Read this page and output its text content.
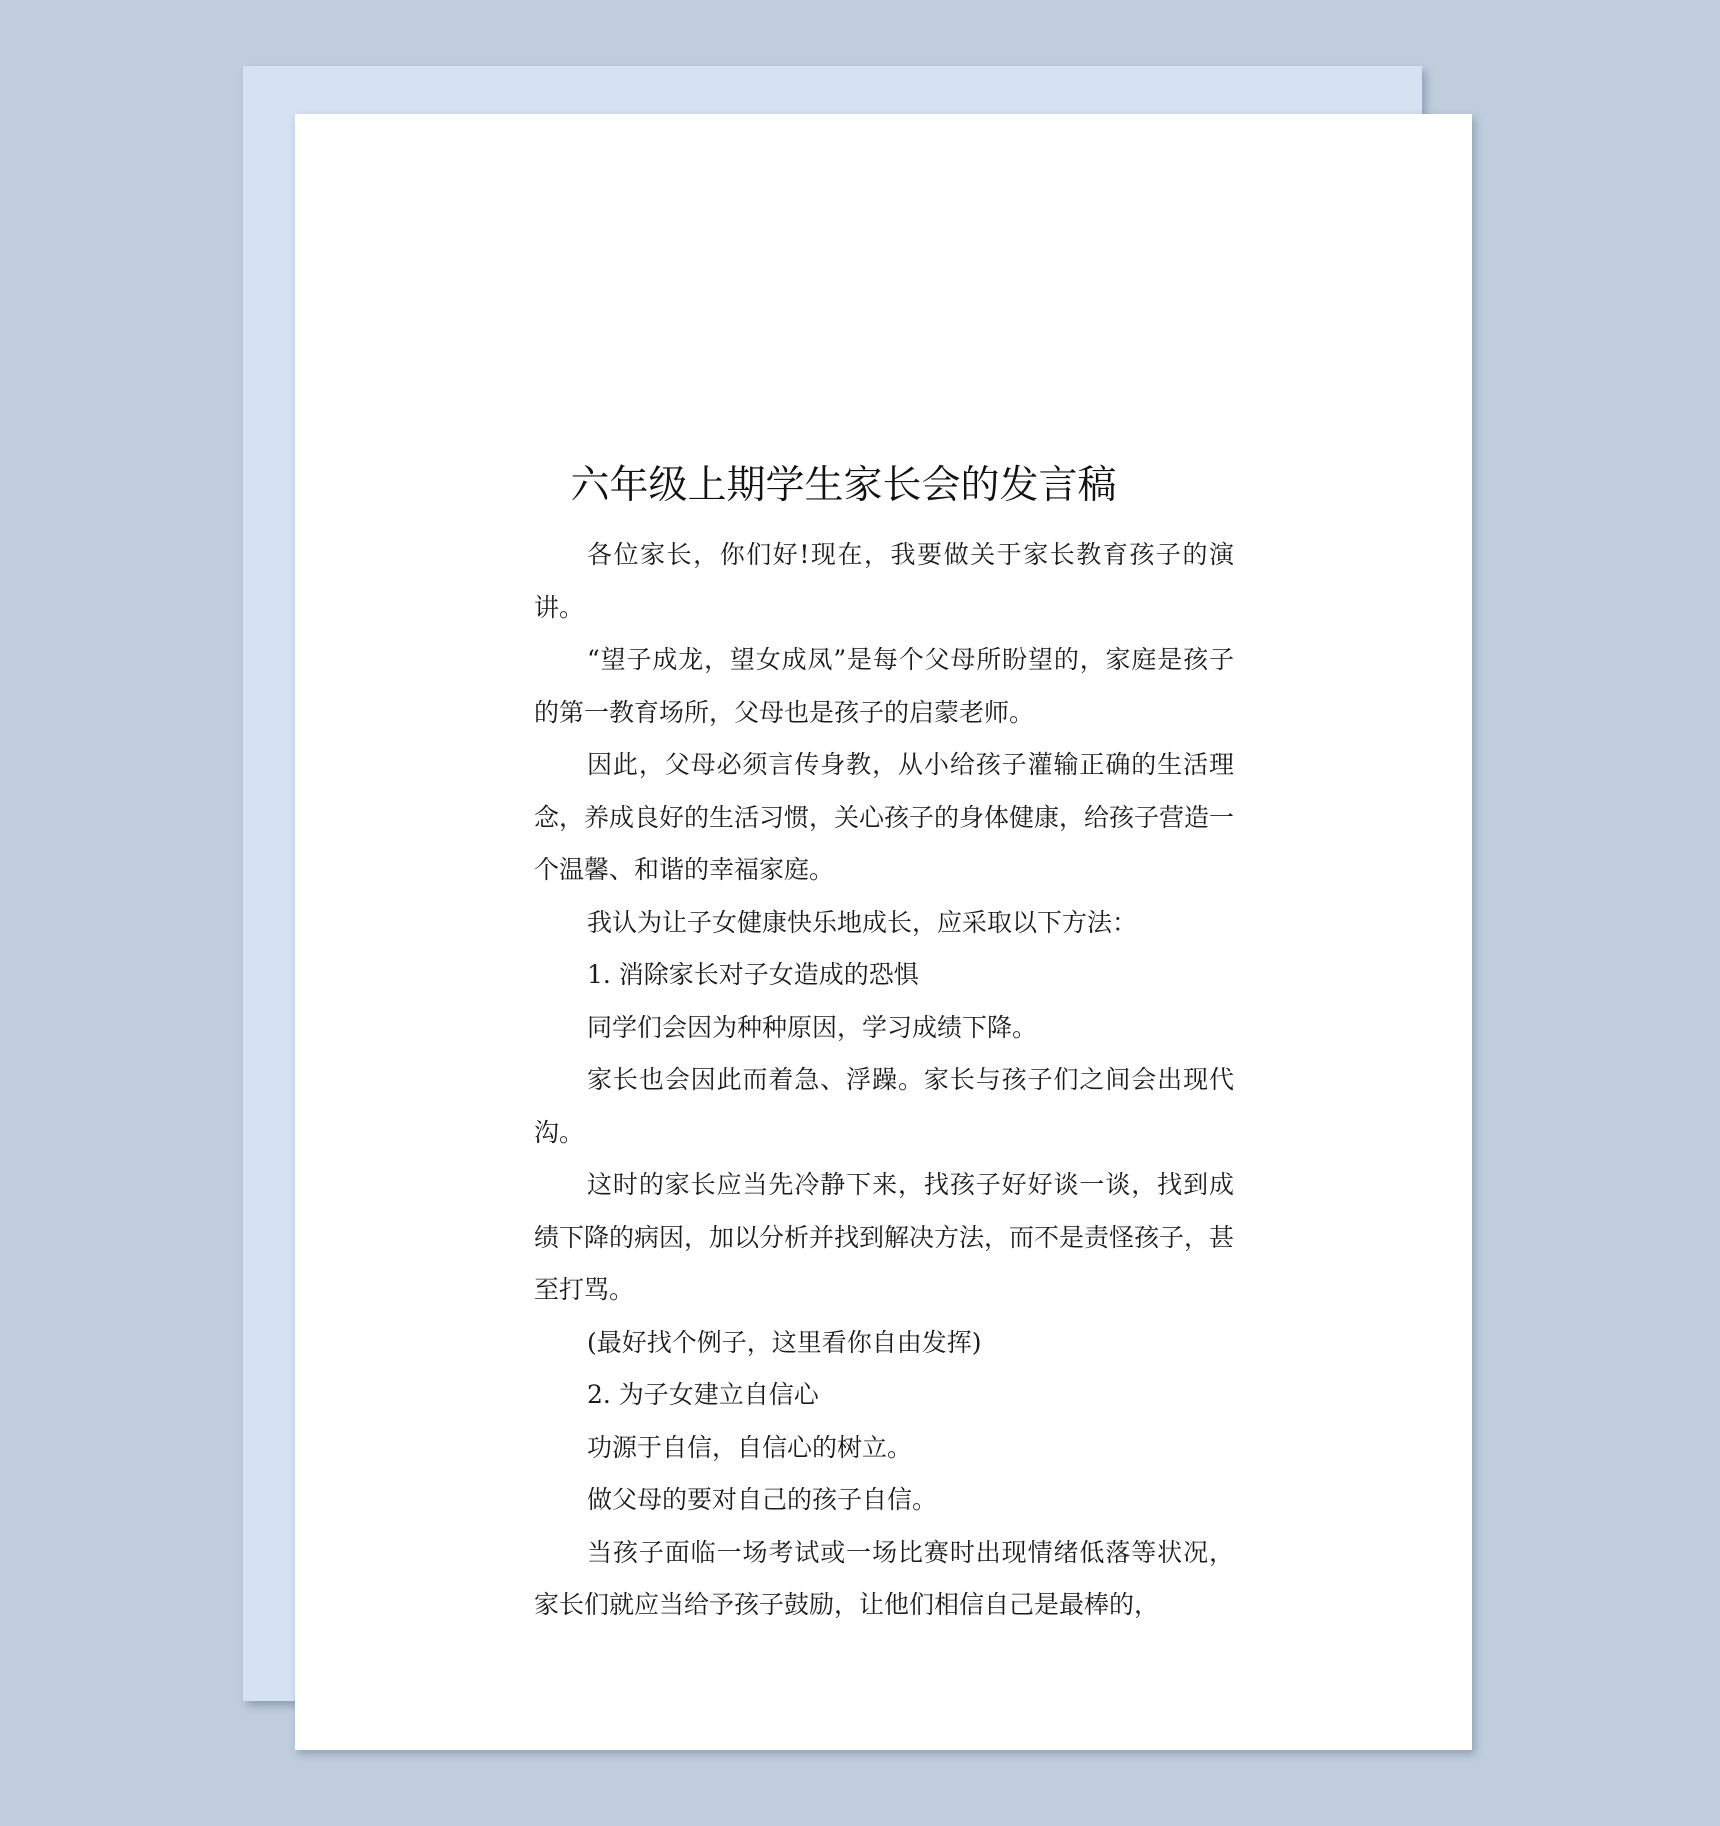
六年级上期学生家长会的发言稿

各位家长，你们好!现在，我要做关于家长教育孩子的演讲。

“望子成龙，望女成凤”是每个父母所盼望的，家庭是孩子的第一教育场所，父母也是孩子的启蒙老师。

因此，父母必须言传身教，从小给孩子灌输正确的生活理念，养成良好的生活习惯，关心孩子的身体健康，给孩子营造一个温馨、和谐的幸福家庭。

我认为让子女健康快乐地成长，应采取以下方法：

1. 消除家长对子女造成的恐惧

同学们会因为种种原因，学习成绩下降。

家长也会因此而着急、浮躁。家长与孩子们之间会出现代沟。

这时的家长应当先冷静下来，找孩子好好谈一谈，找到成绩下降的病因，加以分析并找到解决方法，而不是责怪孩子，甚至打骂。

(最好找个例子，这里看你自由发挥)

2. 为子女建立自信心

功源于自信，自信心的树立。

做父母的要对自己的孩子自信。

当孩子面临一场考试或一场比赛时出现情绪低落等状况，家长们就应当给予孩子鼓励，让他们相信自己是最棒的，
